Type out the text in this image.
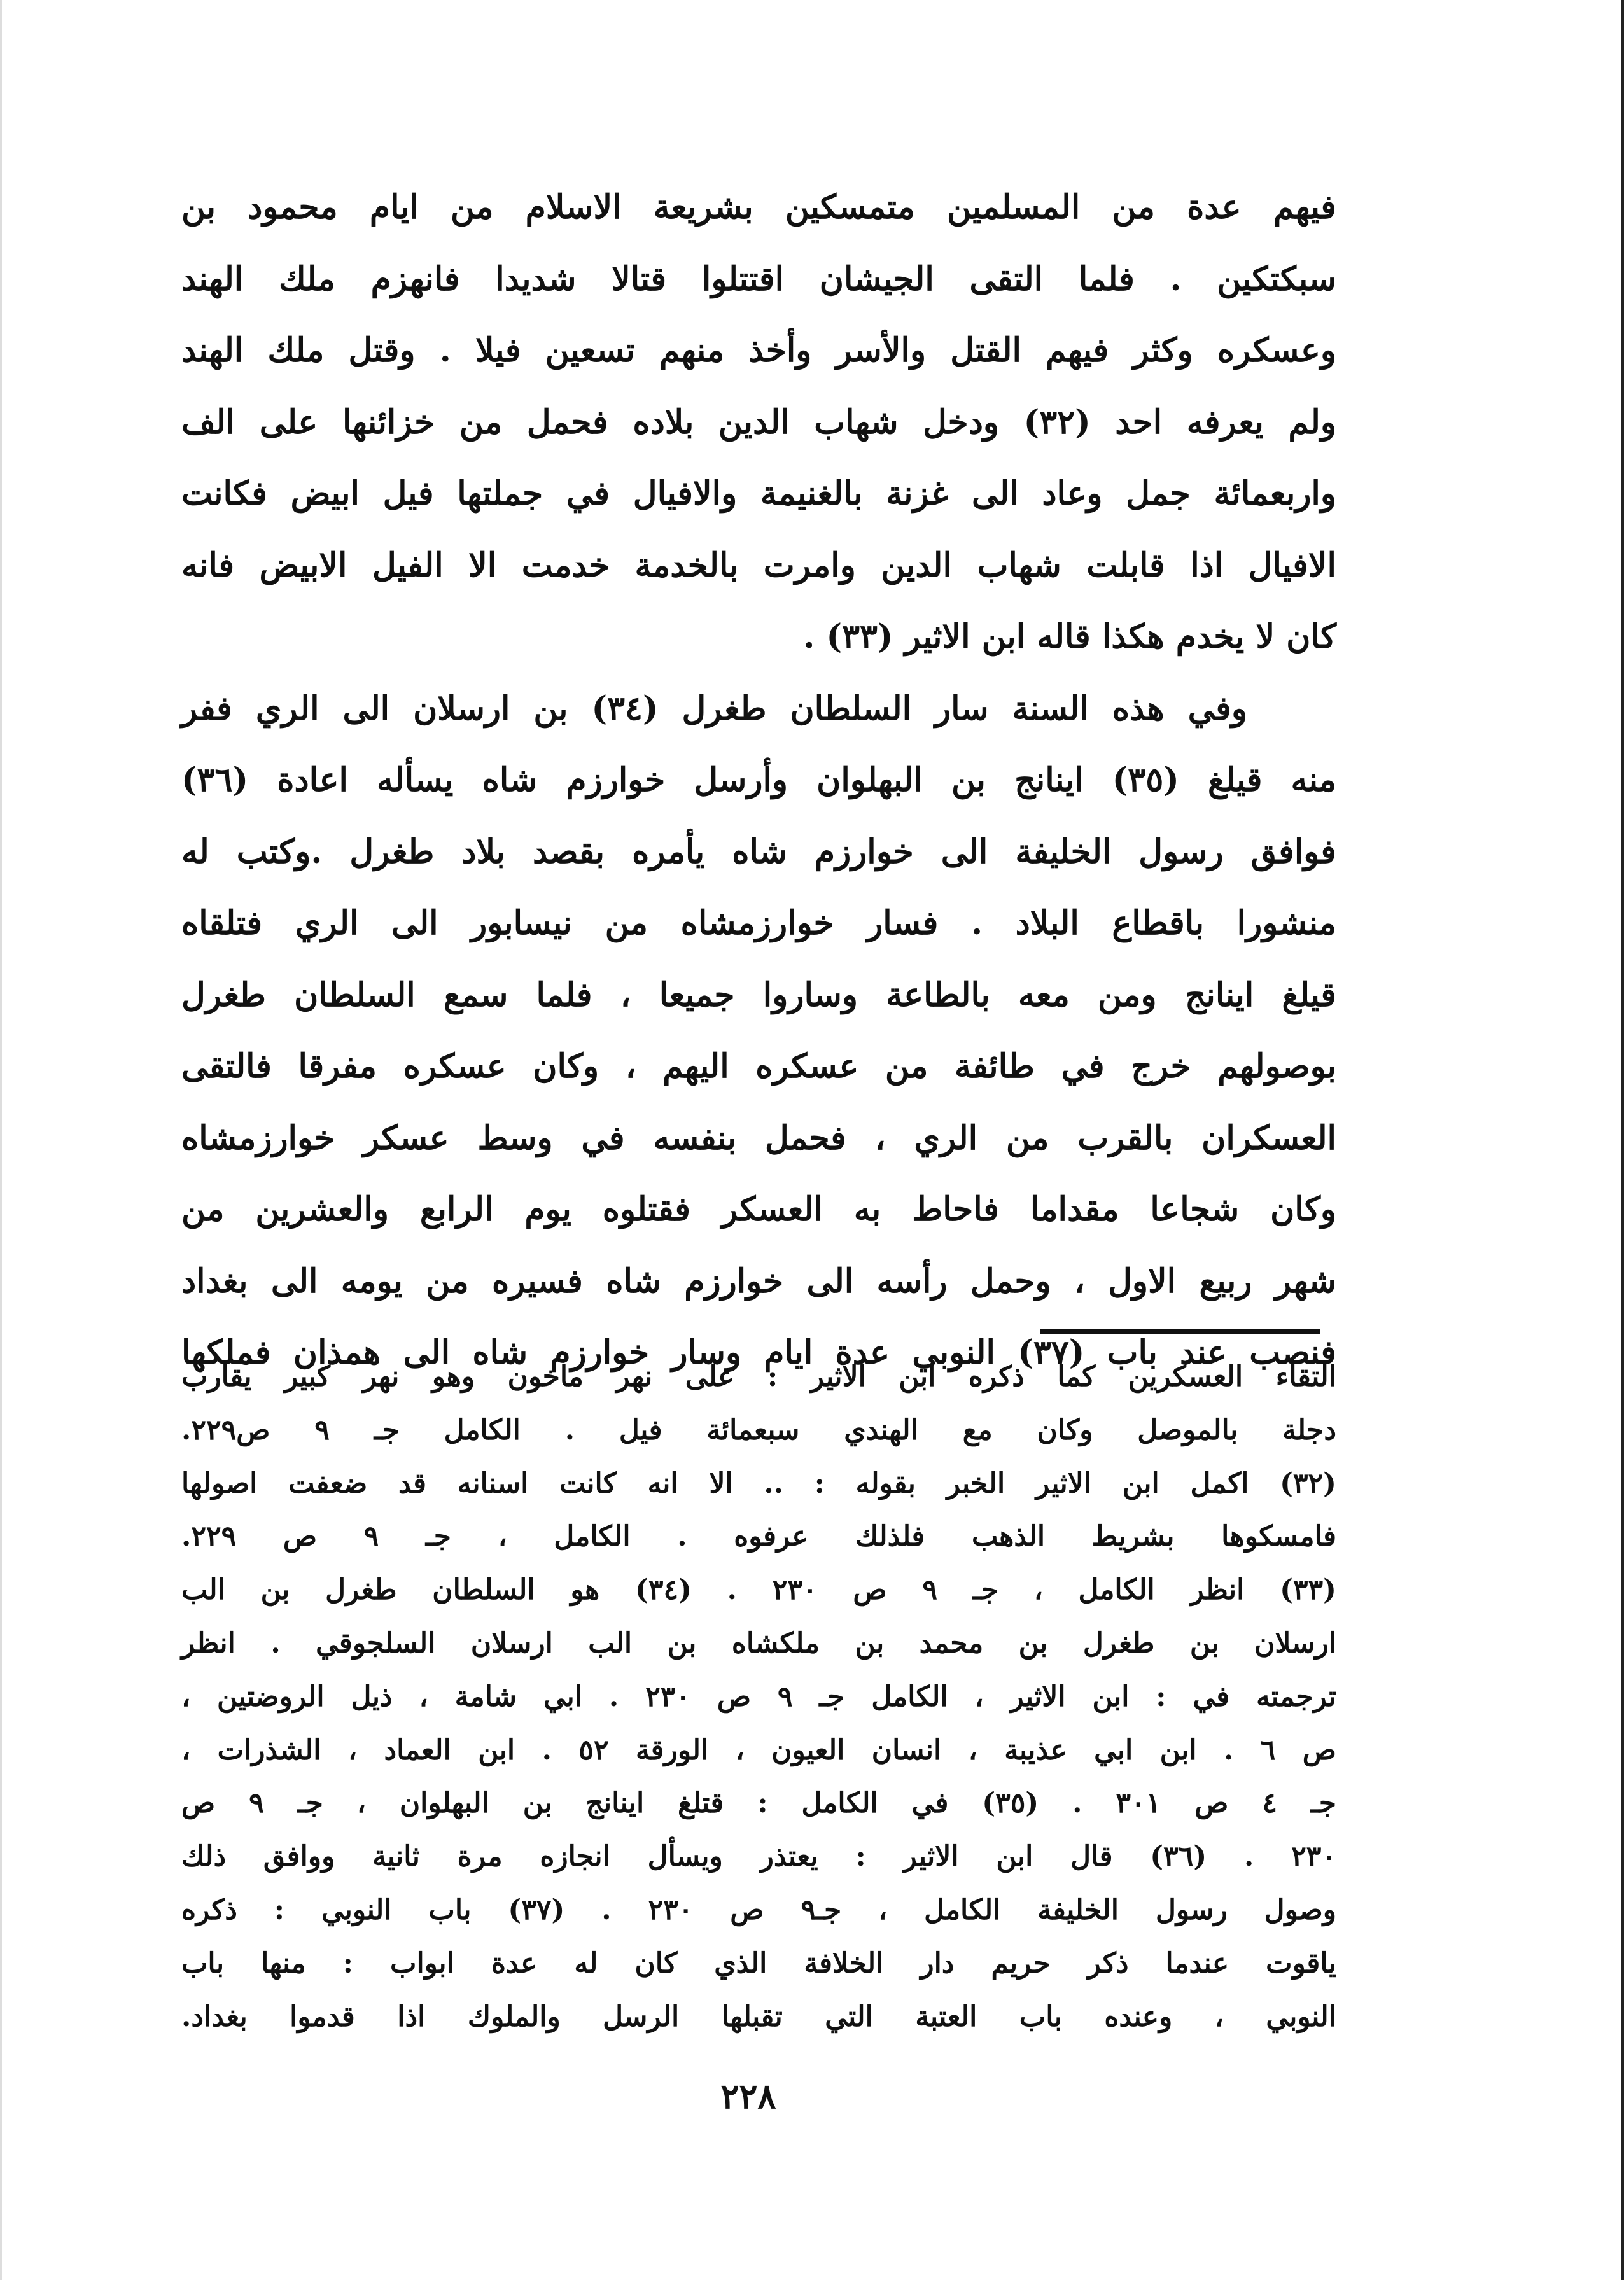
فيهم عدة من المسلمين متمسكين بشريعة الاسلام من ايام محمود بن
سبكتكين . فلما التقى الجيشان اقتتلوا قتالا شديدا فانهزم ملك الهند
وعسكره وكثر فيهم القتل والأسر وأخذ منهم تسعين فيلا . وقتل ملك الهند
ولم يعرفه احد (٣٢) ودخل شهاب الدين بلاده فحمل من خزائنها على الف
واربعمائة جمل وعاد الى غزنة بالغنيمة والافيال في جملتها فيل ابيض فكانت
الافيال اذا قابلت شهاب الدين وامرت بالخدمة خدمت الا الفيل الابيض فانه
كان لا يخدم هكذا قاله ابن الاثير (٣٣) .
وفي هذه السنة سار السلطان طغرل (٣٤) بن ارسلان الى الري ففر
منه قيلغ (٣٥) اينانج بن البهلوان وأرسل خوارزم شاه يسأله اعادة (٣٦)
فوافق رسول الخليفة الى خوارزم شاه يأمره بقصد بلاد طغرل .وكتب له
منشورا باقطاع البلاد . فسار خوارزمشاه من نيسابور الى الري فتلقاه
قيلغ اينانج ومن معه بالطاعة وساروا جميعا ، فلما سمع السلطان طغرل
بوصولهم خرج في طائفة من عسكره اليهم ، وكان عسكره مفرقا فالتقى
العسكران بالقرب من الري ، فحمل بنفسه في وسط عسكر خوارزمشاه
وكان شجاعا مقداما فاحاط به العسكر فقتلوه يوم الرابع والعشرين من
شهر ربيع الاول ، وحمل رأسه الى خوارزم شاه فسيره من يومه الى بغداد
فنصب عند باب (٣٧) النوبي عدة ايام وسار خوارزم شاه الى همذان فملكها
التقاء العسكرين كما ذكره ابن الاثير : على نهر ماخون وهو نهر كبير يقارب
دجلة بالموصل وكان مع الهندي سبعمائة فيل . الكامل جـ ٩ ص٢٢٩.
(٣٢) اكمل ابن الاثير الخبر بقوله : .. الا انه كانت اسنانه قد ضعفت اصولها
فامسكوها بشريط الذهب فلذلك عرفوه . الكامل ، جـ ٩ ص ٢٢٩.
(٣٣) انظر الكامل ، جـ ٩ ص ٢٣٠ . (٣٤) هو السلطان طغرل بن الب
ارسلان بن طغرل بن محمد بن ملكشاه بن الب ارسلان السلجوقي . انظر
ترجمته في : ابن الاثير ، الكامل جـ ٩ ص ٢٣٠ . ابي شامة ، ذيل الروضتين ،
ص ٦ . ابن ابي عذيبة ، انسان العيون ، الورقة ٥٢ . ابن العماد ، الشذرات ،
جـ ٤ ص ٣٠١ . (٣٥) في الكامل : قتلغ اينانج بن البهلوان ، جـ ٩ ص
٢٣٠ . (٣٦) قال ابن الاثير : يعتذر ويسأل انجازه مرة ثانية ووافق ذلك
وصول رسول الخليفة الكامل ، جـ٩ ص ٢٣٠ . (٣٧) باب النوبي : ذكره
ياقوت عندما ذكر حريم دار الخلافة الذي كان له عدة ابواب : منها باب
النوبي ، وعنده باب العتبة التي تقبلها الرسل والملوك اذا قدموا بغداد.
٢٢٨
